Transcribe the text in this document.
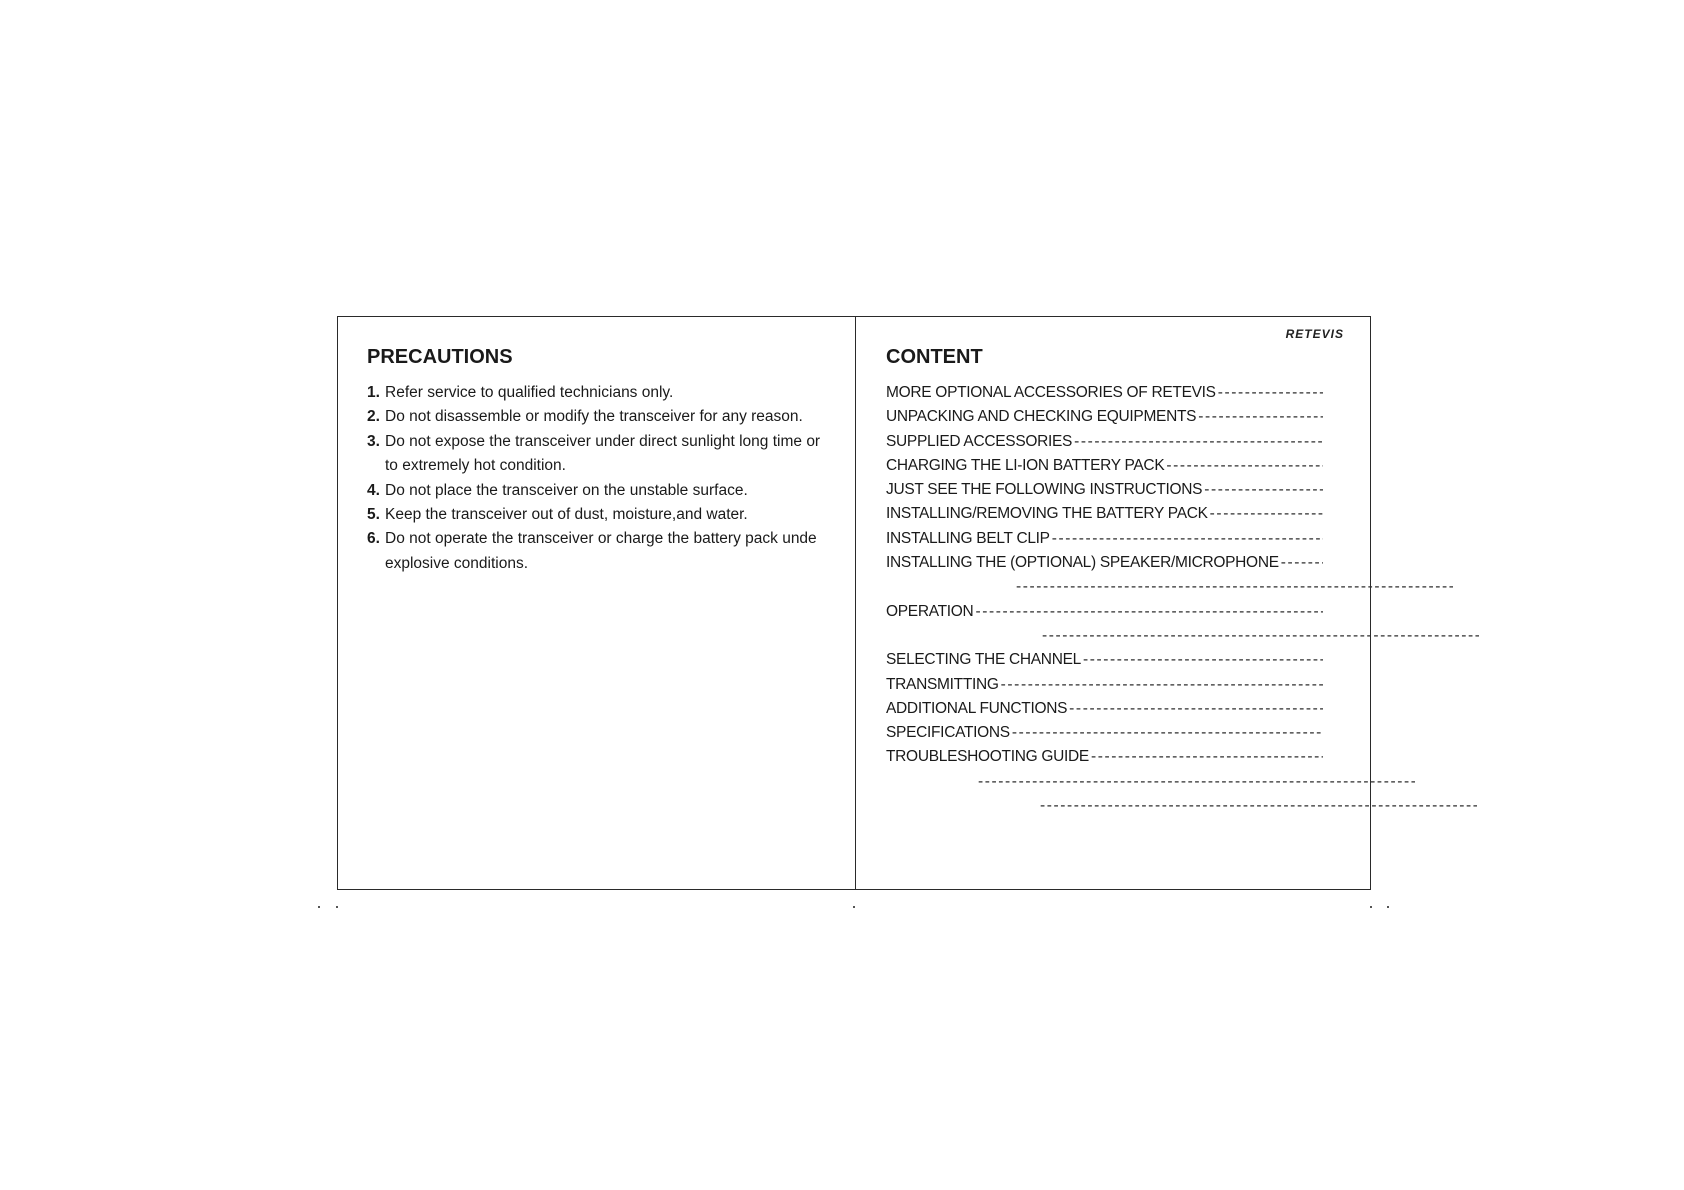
PRECAUTIONS
1. Refer service to qualified technicians only.
2. Do not disassemble or modify the transceiver for any reason.
3. Do not expose the transceiver under direct sunlight long time or to extremely hot condition.
4. Do not place the transceiver on the unstable surface.
5. Keep the transceiver out of dust, moisture,and water.
6. Do not operate the transceiver or charge the battery pack unde explosive conditions.
RETEVIS
CONTENT
MORE OPTIONAL ACCESSORIES OF RETEVIS
-----
UNPACKING AND CHECKING EQUIPMENTS
-----
SUPPLIED ACCESSORIES
-----
CHARGING THE LI-ION BATTERY PACK
-----
JUST SEE THE FOLLOWING INSTRUCTIONS
-----
INSTALLING/REMOVING THE BATTERY PACK
-----
INSTALLING BELT CLIP
-----
INSTALLING THE (OPTIONAL) SPEAKER/MICROPHONE
-----
-----
OPERATION
-----
-----
SELECTING THE CHANNEL
-----
TRANSMITTING
-----
ADDITIONAL FUNCTIONS
-----
SPECIFICATIONS
-----
TROUBLESHOOTING GUIDE
-----
-----
-----
